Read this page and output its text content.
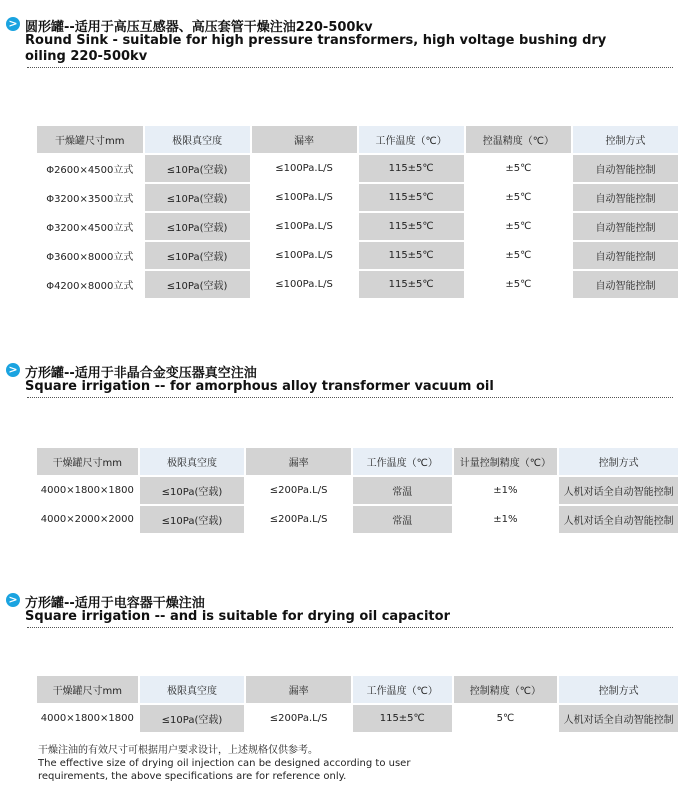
> 圆形罐--适用于高压互感器、高压套管干燥注油220-500kv
Round Sink - suitable for high pressure transformers, high voltage bushing dry oiling 220-500kv
干燥罐尺寸mm	极限真空度	漏率	工作温度（℃）	控温精度（℃）	控制方式
Φ2600×4500立式	≤10Pa(空载)	≤100Pa.L/S	115±5℃	±5℃	自动智能控制
Φ3200×3500立式	≤10Pa(空载)	≤100Pa.L/S	115±5℃	±5℃	自动智能控制
Φ3200×4500立式	≤10Pa(空载)	≤100Pa.L/S	115±5℃	±5℃	自动智能控制
Φ3600×8000立式	≤10Pa(空载)	≤100Pa.L/S	115±5℃	±5℃	自动智能控制
Φ4200×8000立式	≤10Pa(空载)	≤100Pa.L/S	115±5℃	±5℃	自动智能控制
> 方形罐--适用于非晶合金变压器真空注油
Square irrigation -- for amorphous alloy transformer vacuum oil
干燥罐尺寸mm	极限真空度	漏率	工作温度（℃）	计量控制精度（℃）	控制方式
4000×1800×1800	≤10Pa(空载)	≤200Pa.L/S	常温	±1%	人机对话全自动智能控制
4000×2000×2000	≤10Pa(空载)	≤200Pa.L/S	常温	±1%	人机对话全自动智能控制
> 方形罐--适用于电容器干燥注油
Square irrigation -- and is suitable for drying oil capacitor
干燥罐尺寸mm	极限真空度	漏率	工作温度（℃）	控制精度（℃）	控制方式
4000×1800×1800	≤10Pa(空载)	≤200Pa.L/S	115±5℃	5℃	人机对话全自动智能控制
干燥注油的有效尺寸可根据用户要求设计，上述规格仅供参考。
The effective size of drying oil injection can be designed according to user requirements, the above specifications are for reference only.
